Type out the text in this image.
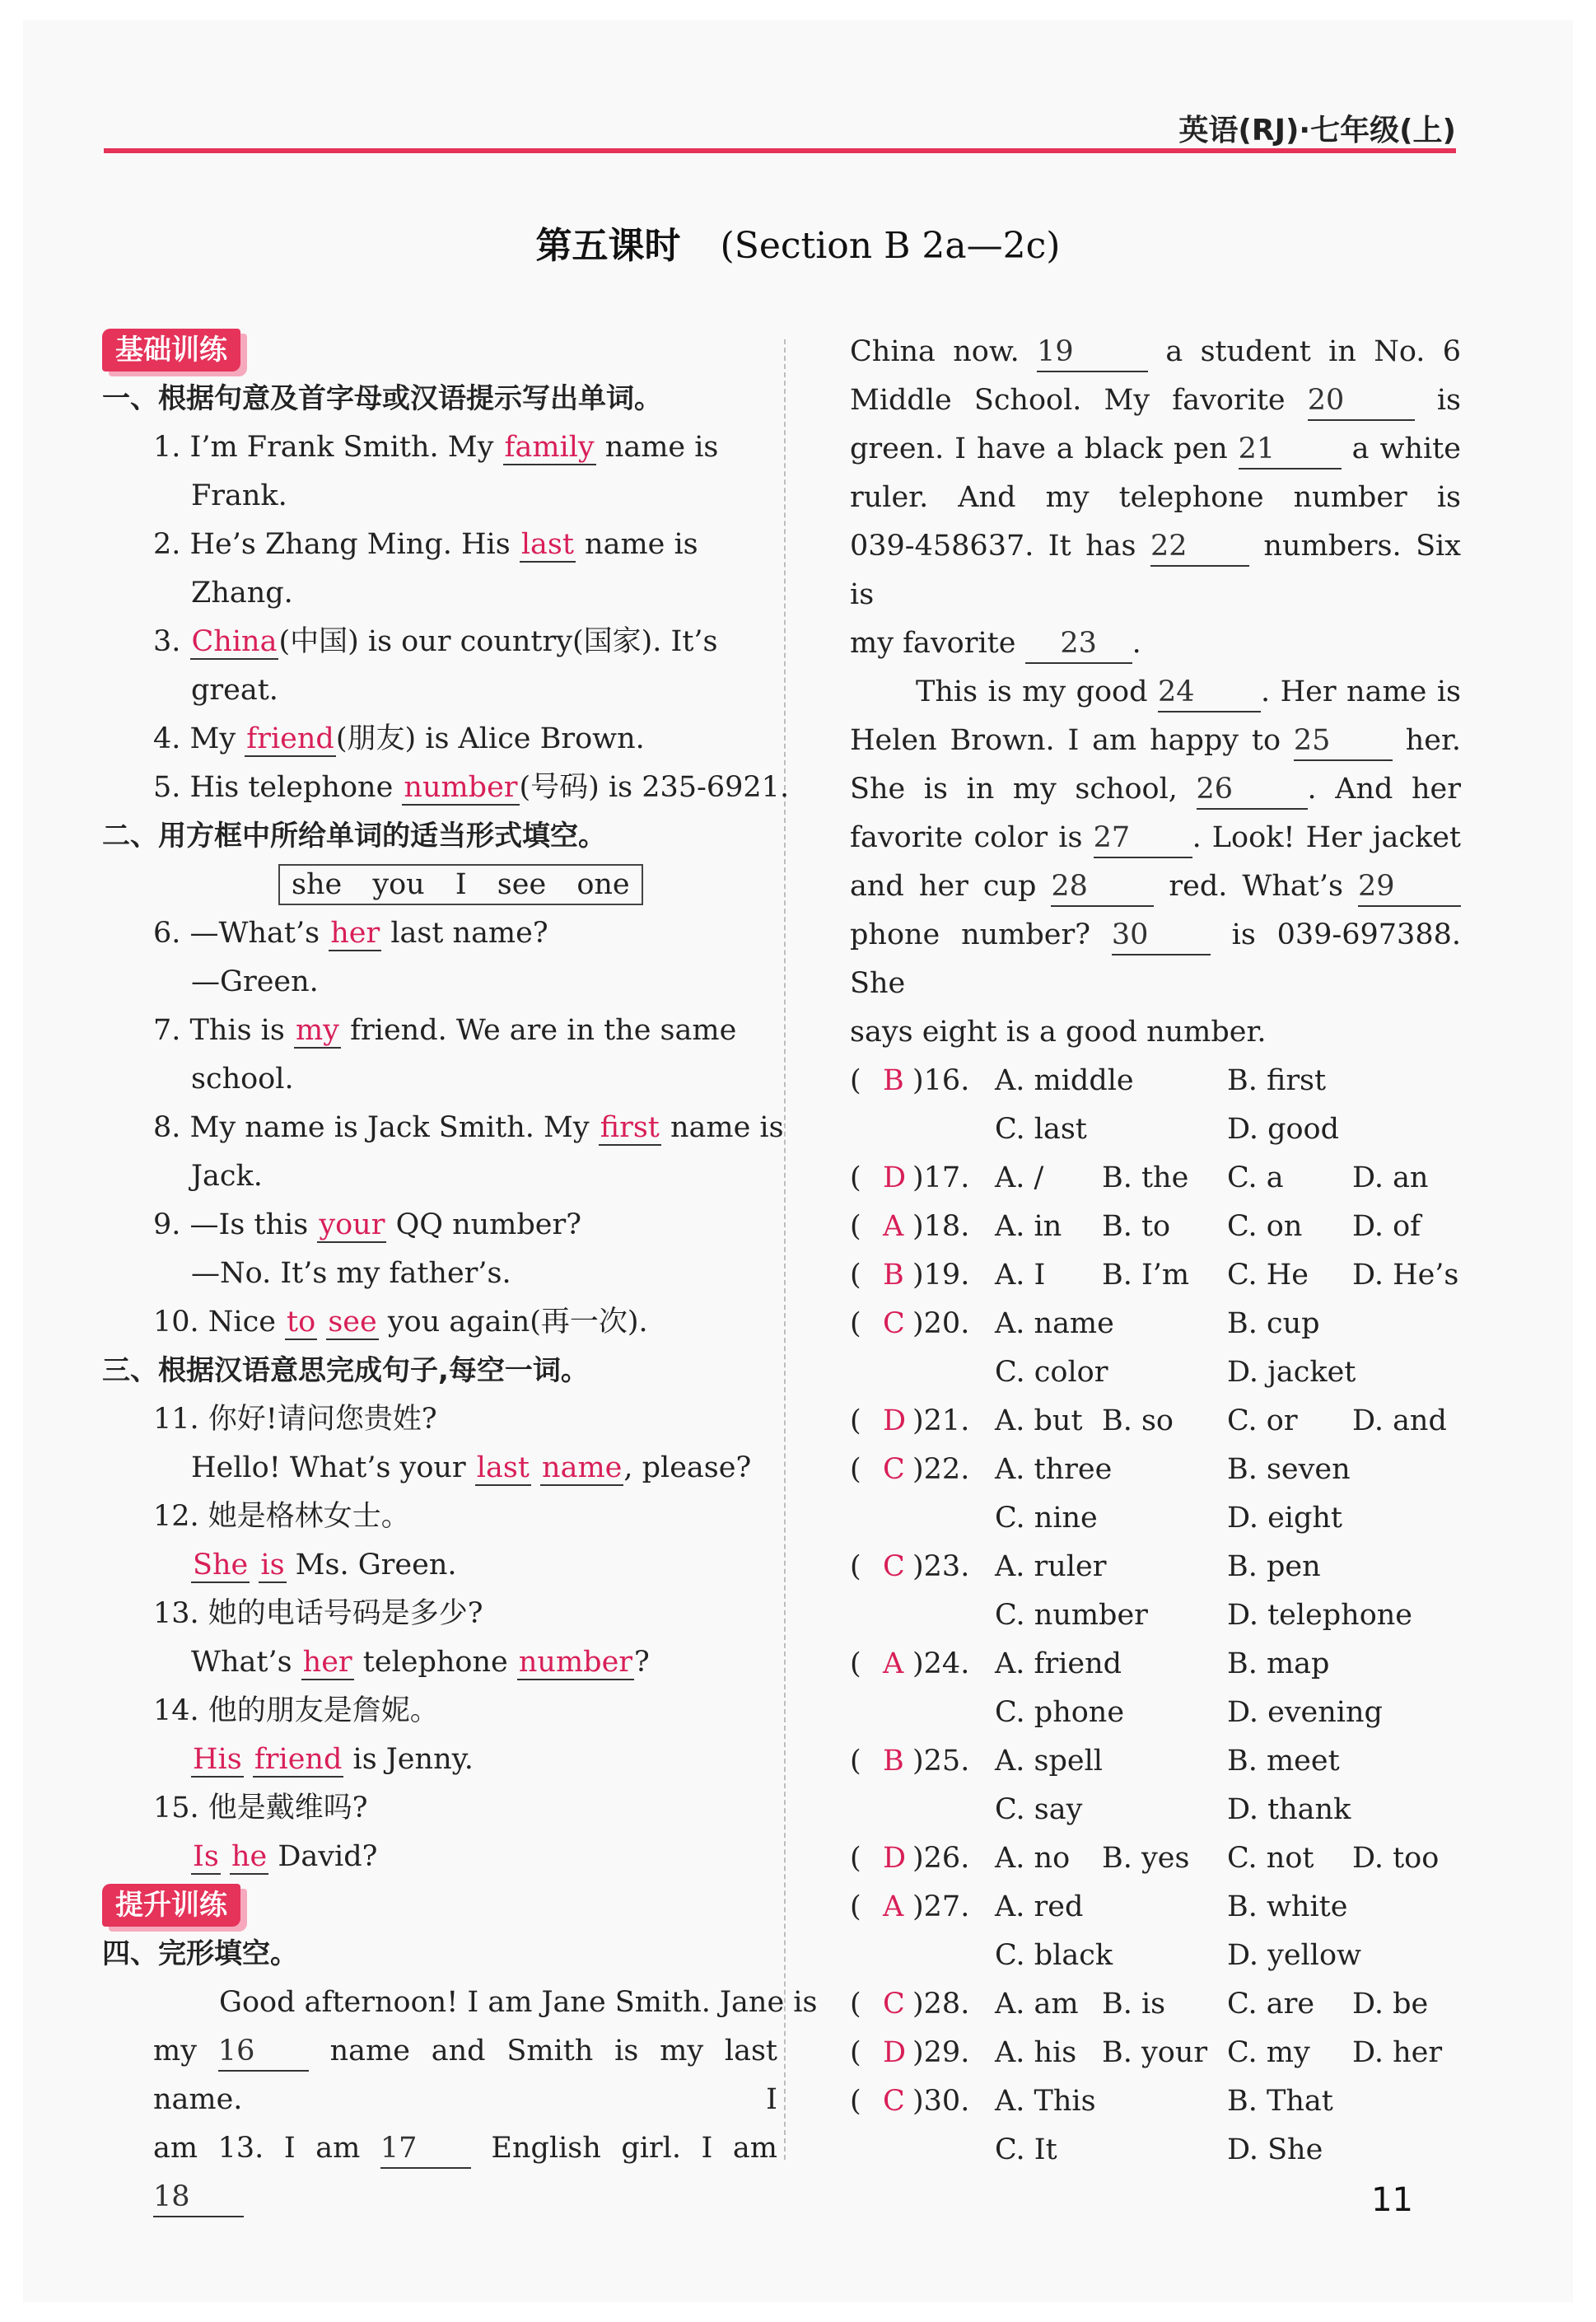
英语(RJ)·七年级(上)
第五课时 (Section B 2a—2c)
基础训练
一、根据句意及首字母或汉语提示写出单词。
1. I’m Frank Smith. My family name is
Frank.
2. He’s Zhang Ming. His last name is
Zhang.
3. China(中国) is our country(国家). It’s
great.
4. My friend(朋友) is Alice Brown.
5. His telephone number(号码) is 235-6921.
二、用方框中所给单词的适当形式填空。
she you I see one
6. —What’s her last name?
—Green.
7. This is my friend. We are in the same
school.
8. My name is Jack Smith. My first name is
Jack.
9. —Is this your QQ number?
—No. It’s my father’s.
10. Nice to see you again(再一次).
三、根据汉语意思完成句子,每空一词。
11. 你好!请问您贵姓?
Hello! What’s your last name, please?
12. 她是格林女士。
She is Ms. Green.
13. 她的电话号码是多少?
What’s her telephone number?
14. 他的朋友是詹妮。
His friend is Jenny.
15. 他是戴维吗?
Is he David?
提升训练
四、完形填空。
Good afternoon! I am Jane Smith. Jane is
my 16	name and Smith is my last name. I
am 13. I am 17	English girl. I am 18
China now. 19	a student in No. 6
Middle School. My favorite 20	is
green. I have a black pen 21	a white
ruler. And my telephone number is
039-458637. It has 22	numbers. Six is
my favorite 23 .
This is my good 24 . Her name is
Helen Brown. I am happy to 25	her.
She is in my school, 26	. And her
favorite color is 27 . Look! Her jacket
and her cup 28	red. What’s 29
phone number? 30	is 039-697388. She
says eight is a good number.
( B )16. A. middle	B. first
C. last	D. good
( D )17. A. / B. the C. a D. an
( A )18. A. in B. to C. on D. of
( B )19. A. I B. I’m C. He D. He’s
( C )20. A. name	B. cup
C. color	D. jacket
( D )21. A. but B. so C. or D. and
( C )22. A. three	B. seven
C. nine	D. eight
( C )23. A. ruler	B. pen
C. number	D. telephone
( A )24. A. friend	B. map
C. phone	D. evening
( B )25. A. spell	B. meet
C. say	D. thank
( D )26. A. no B. yes C. not D. too
( A )27. A. red	B. white
C. black	D. yellow
( C )28. A. am B. is C. are D. be
( D )29. A. his B. your C. my D. her
( C )30. A. This	B. That
C. It	D. She
11
